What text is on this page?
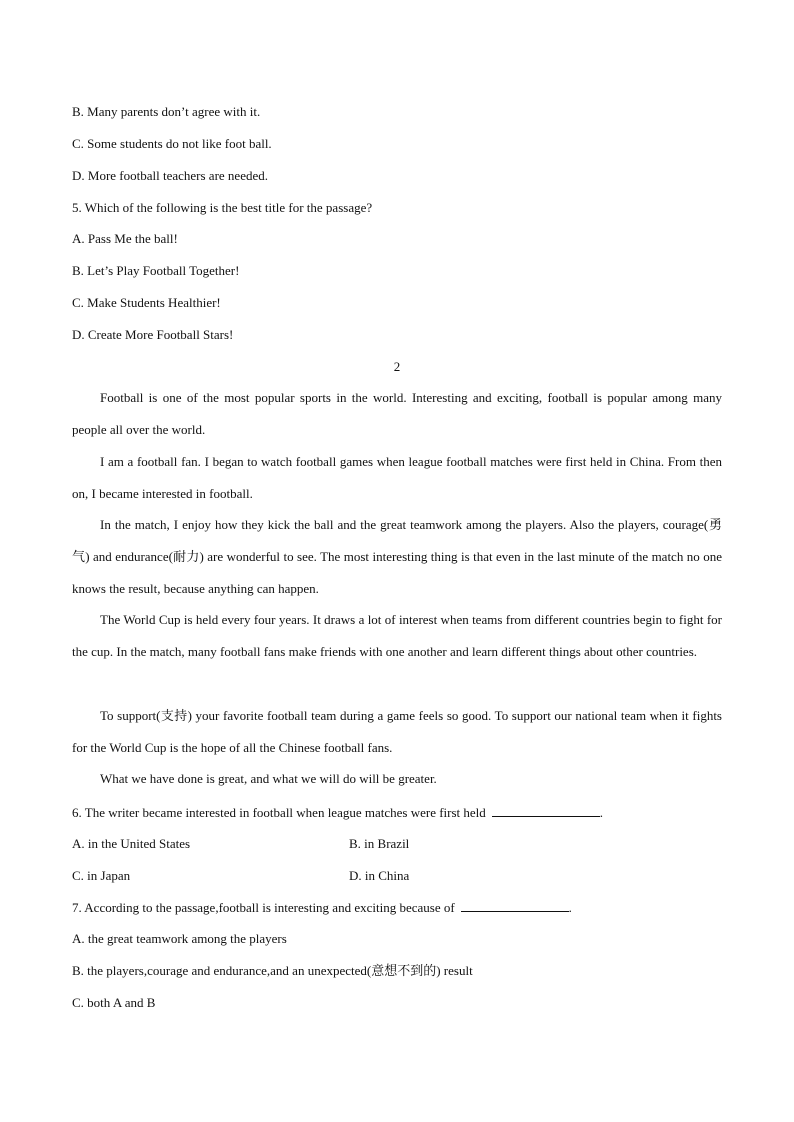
B. Many parents don’t agree with it.
C. Some students do not like foot ball.
D. More football teachers are needed.
5. Which of the following is the best title for the passage?
A. Pass Me the ball!
B. Let’s Play Football Together!
C. Make Students Healthier!
D. Create More Football Stars!
2
Football is one of the most popular sports in the world. Interesting and exciting, football is popular among many people all over the world.
I am a football fan. I began to watch football games when league football matches were first held in China. From then on, I became interested in football.
In the match, I enjoy how they kick the ball and the great teamwork among the players. Also the players, courage(勇气) and endurance(耐力) are wonderful to see. The most interesting thing is that even in the last minute of the match no one knows the result, because anything can happen.
The World Cup is held every four years. It draws a lot of interest when teams from different countries begin to fight for the cup. In the match, many football fans make friends with one another and learn different things about other countries.
To support(支持) your favorite football team during a game feels so good. To support our national team when it fights for the World Cup is the hope of all the Chinese football fans.
What we have done is great, and what we will do will be greater.
6. The writer became interested in football when league matches were first held	.
A. in the United States	B. in Brazil
C. in Japan	D. in China
7. According to the passage,football is interesting and exciting because of	.
A. the great teamwork among the players
B. the players,courage and endurance,and an unexpected(意想不到的) result
C. both A and B
